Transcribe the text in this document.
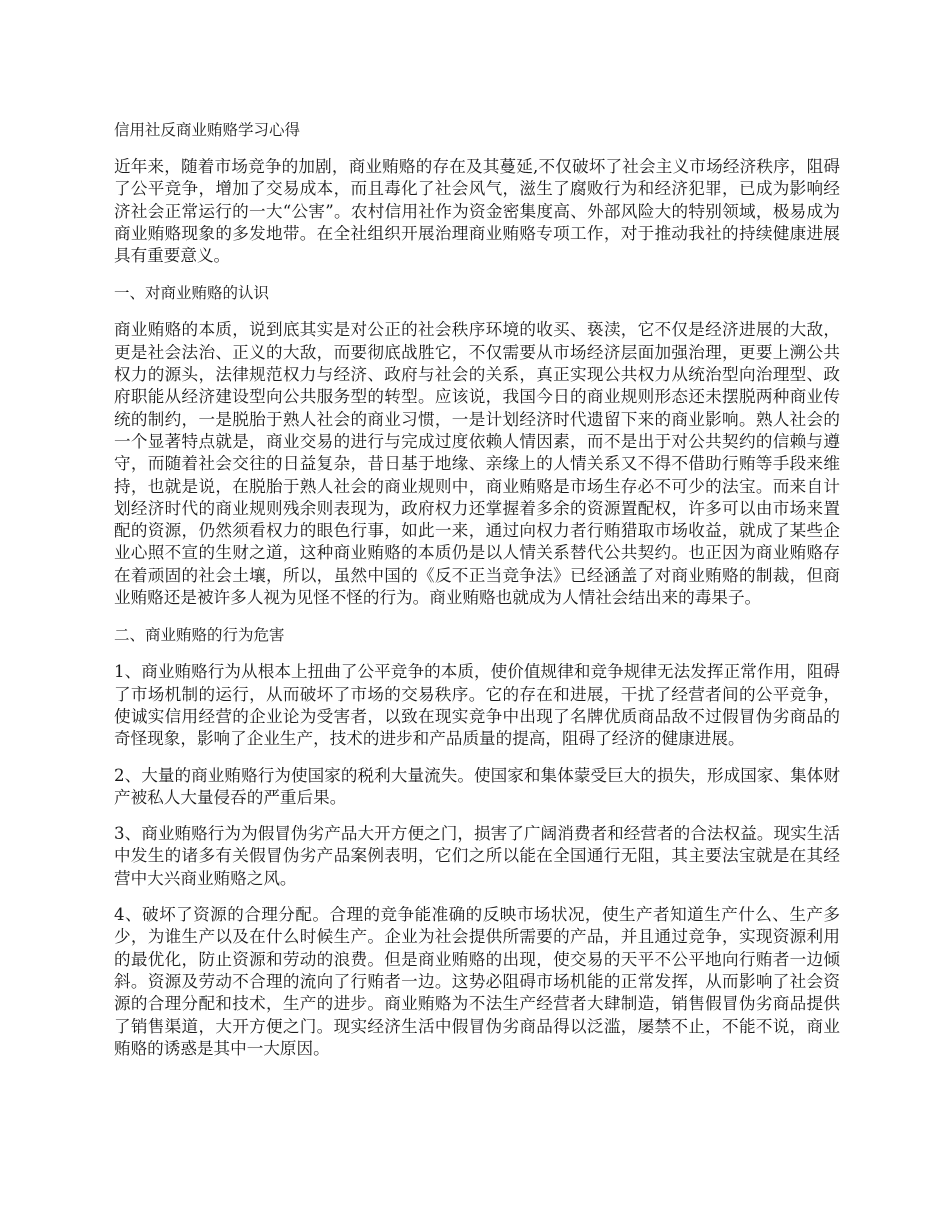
信用社反商业贿赂学习心得

近年来，随着市场竞争的加剧，商业贿赂的存在及其蔓延,不仅破坏了社会主义市场经济秩序，阻碍了公平竞争，增加了交易成本，而且毒化了社会风气，滋生了腐败行为和经济犯罪，已成为影响经济社会正常运行的一大“公害”。农村信用社作为资金密集度高、外部风险大的特别领域，极易成为商业贿赂现象的多发地带。在全社组织开展治理商业贿赂专项工作，对于推动我社的持续健康进展具有重要意义。

一、对商业贿赂的认识

商业贿赂的本质，说到底其实是对公正的社会秩序环境的收买、亵渎，它不仅是经济进展的大敌，更是社会法治、正义的大敌，而要彻底战胜它，不仅需要从市场经济层面加强治理，更要上溯公共权力的源头，法律规范权力与经济、政府与社会的关系，真正实现公共权力从统治型向治理型、政府职能从经济建设型向公共服务型的转型。应该说，我国今日的商业规则形态还未摆脱两种商业传统的制约，一是脱胎于熟人社会的商业习惯，一是计划经济时代遗留下来的商业影响。熟人社会的一个显著特点就是，商业交易的进行与完成过度依赖人情因素，而不是出于对公共契约的信赖与遵守，而随着社会交往的日益复杂，昔日基于地缘、亲缘上的人情关系又不得不借助行贿等手段来维持，也就是说，在脱胎于熟人社会的商业规则中，商业贿赂是市场生存必不可少的法宝。而来自计划经济时代的商业规则残余则表现为，政府权力还掌握着多余的资源置配权，许多可以由市场来置配的资源，仍然须看权力的眼色行事，如此一来，通过向权力者行贿猎取市场收益，就成了某些企业心照不宣的生财之道，这种商业贿赂的本质仍是以人情关系替代公共契约。也正因为商业贿赂存在着顽固的社会土壤，所以，虽然中国的《反不正当竞争法》已经涵盖了对商业贿赂的制裁，但商业贿赂还是被许多人视为见怪不怪的行为。商业贿赂也就成为人情社会结出来的毒果子。

二、商业贿赂的行为危害

1、商业贿赂行为从根本上扭曲了公平竞争的本质，使价值规律和竞争规律无法发挥正常作用，阻碍了市场机制的运行，从而破坏了市场的交易秩序。它的存在和进展，干扰了经营者间的公平竞争，使诚实信用经营的企业论为受害者，以致在现实竞争中出现了名牌优质商品敌不过假冒伪劣商品的奇怪现象，影响了企业生产，技术的进步和产品质量的提高，阻碍了经济的健康进展。

2、大量的商业贿赂行为使国家的税利大量流失。使国家和集体蒙受巨大的损失，形成国家、集体财产被私人大量侵吞的严重后果。

3、商业贿赂行为为假冒伪劣产品大开方便之门，损害了广阔消费者和经营者的合法权益。现实生活中发生的诸多有关假冒伪劣产品案例表明，它们之所以能在全国通行无阻，其主要法宝就是在其经营中大兴商业贿赂之风。

4、破坏了资源的合理分配。合理的竞争能准确的反映市场状况，使生产者知道生产什么、生产多少，为谁生产以及在什么时候生产。企业为社会提供所需要的产品，并且通过竞争，实现资源利用的最优化，防止资源和劳动的浪费。但是商业贿赂的出现，使交易的天平不公平地向行贿者一边倾斜。资源及劳动不合理的流向了行贿者一边。这势必阻碍市场机能的正常发挥，从而影响了社会资源的合理分配和技术，生产的进步。商业贿赂为不法生产经营者大肆制造，销售假冒伪劣商品提供了销售渠道，大开方便之门。现实经济生活中假冒伪劣商品得以泛滥，屡禁不止，不能不说，商业贿赂的诱惑是其中一大原因。
